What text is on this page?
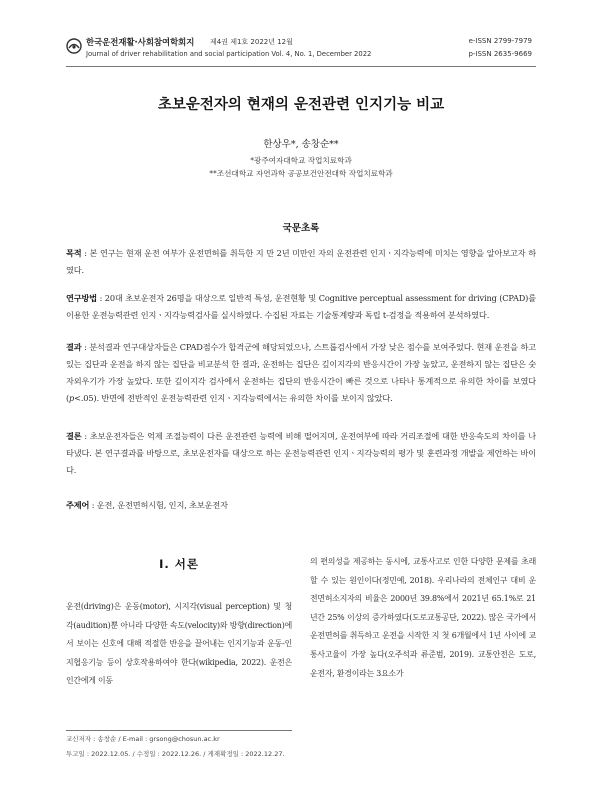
한국운전재활·사회참여학회지 제4권 제1호 2022년 12월
Journal of driver rehabilitation and social participation Vol. 4, No. 1, December 2022
e-ISSN 2799-7979
p-ISSN 2635-9669
초보운전자의 현재의 운전관련 인지기능 비교
한상우*, 송창순**
*광주여자대학교 작업치료학과
**조선대학교 자연과학 공공보건안전대학 작업치료학과
국문초록

목적 : 본 연구는 현재 운전 여부가 운전면허를 취득한 지 만 2년 미만인 자의 운전관련 인지ㆍ지각능력에 미치는 영향을 알아보고자 하였다.

연구방법 : 20대 초보운전자 26명을 대상으로 일반적 특성, 운전현황 및 Cognitive perceptual assessment for driving (CPAD)를 이용한 운전능력관련 인지ㆍ지각능력검사를 실시하였다. 수집된 자료는 기술통계량과 독립 t-검정을 적용하여 분석하였다.

결과 : 분석결과 연구대상자들은 CPAD점수가 합격군에 해당되었으나, 스트룹검사에서 가장 낮은 점수를 보여주었다. 현재 운전을 하고 있는 집단과 운전을 하지 않는 집단을 비교분석 한 결과, 운전하는 집단은 깊이지각의 반응시간이 가장 높았고, 운전하지 않는 집단은 숫자외우기가 가장 높았다. 또한 깊이지각 검사에서 운전하는 집단의 반응시간이 빠른 것으로 나타나 통계적으로 유의한 차이를 보였다(p<.05). 반면에 전반적인 운전능력관련 인지ㆍ지각능력에서는 유의한 차이를 보이지 않았다.

결론 : 초보운전자들은 억제 조절능력이 다른 운전관련 능력에 비해 떨어지며, 운전여부에 따라 거리조절에 대한 반응속도의 차이를 나타냈다. 본 연구결과를 바탕으로, 초보운전자를 대상으로 하는 운전능력관련 인지ㆍ지각능력의 평가 및 훈련과정 개발을 제언하는 바이다.

주제어 : 운전, 운전면허시험, 인지, 초보운전자

Ⅰ. 서론

운전(driving)은 운동(motor), 시지각(visual perception) 및 청각(audition)뿐 아니라 다양한 속도(velocity)와 방향(direction)에서 보이는 신호에 대해 적절한 반응을 끌어내는 인지기능과 운동-인지협응기능 등이 상호작용하여야 한다(wikipedia, 2022). 운전은 인간에게 이동

의 편의성을 제공하는 동시에, 교통사고로 인한 다양한 문제를 초래할 수 있는 원인이다(정민예, 2018). 우리나라의 전체인구 대비 운전면허소지자의 비율은 2000년 39.8%에서 2021년 65.1%로 21년간 25% 이상의 증가하였다(도로교통공단, 2022). 많은 국가에서 운전면허를 취득하고 운전을 시작한 지 첫 6개월에서 1년 사이에 교통사고율이 가장 높다(오주석과 류준범, 2019). 교통안전은 도로, 운전자, 환경이라는 3요소가

교신저자 : 송창순 / E-mail : grsong@chosun.ac.kr
투고일 : 2022.12.05. / 수정일 : 2022.12.26. / 게재확정일 : 2022.12.27.
